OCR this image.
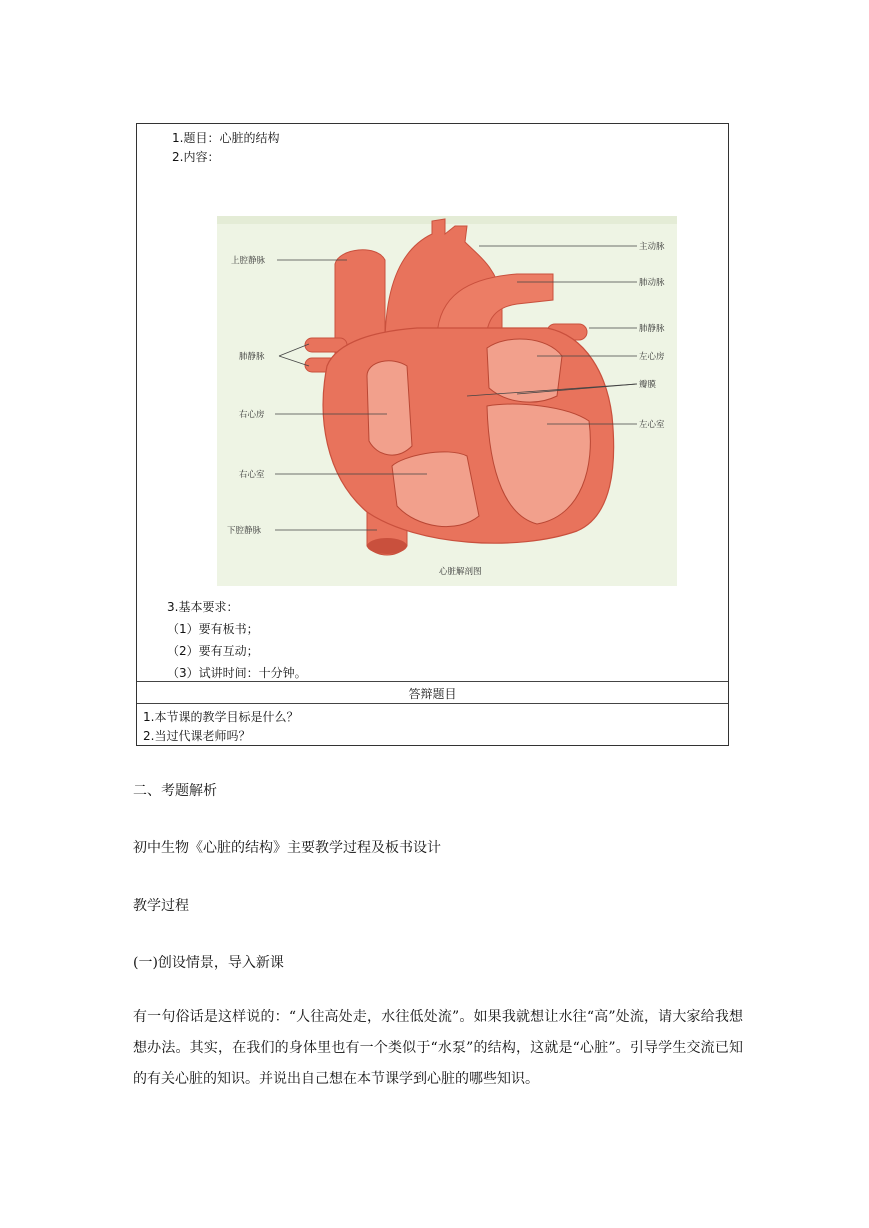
1.题目：心脏的结构
2.内容：
上腔静脉
肺静脉
右心房
右心室
下腔静脉
主动脉
肺动脉
肺静脉
左心房
瓣膜
左心室
心脏解剖图
3.基本要求：
（1）要有板书；
（2）要有互动；
（3）试讲时间：十分钟。
答辩题目
1.本节课的教学目标是什么？
2.当过代课老师吗？
二、考题解析
初中生物《心脏的结构》主要教学过程及板书设计
教学过程
(一)创设情景，导入新课
有一句俗话是这样说的：“人往高处走，水往低处流”。如果我就想让水往“高”处流，请大家给我想想办法。其实，在我们的身体里也有一个类似于“水泵”的结构，这就是“心脏”。引导学生交流已知的有关心脏的知识。并说出自己想在本节课学到心脏的哪些知识。
